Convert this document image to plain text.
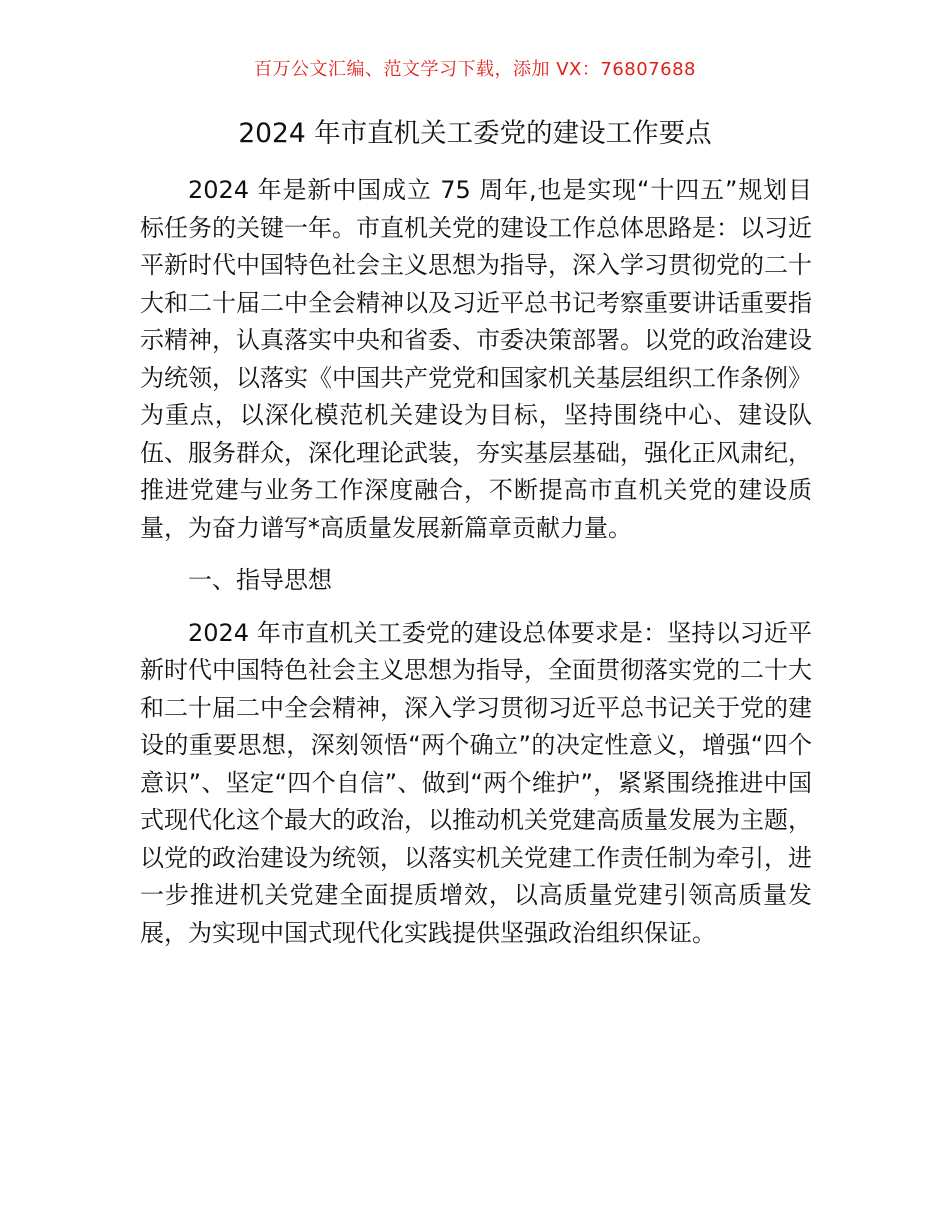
百万公文汇编、范文学习下载，添加 VX：76807688
2024 年市直机关工委党的建设工作要点

2024 年是新中国成立 75 周年,也是实现“十四五”规划目标任务的关键一年。市直机关党的建设工作总体思路是：以习近平新时代中国特色社会主义思想为指导，深入学习贯彻党的二十大和二十届二中全会精神以及习近平总书记考察重要讲话重要指示精神，认真落实中央和省委、市委决策部署。以党的政治建设为统领，以落实《中国共产党党和国家机关基层组织工作条例》为重点，以深化模范机关建设为目标，坚持围绕中心、建设队伍、服务群众，深化理论武装，夯实基层基础，强化正风肃纪，推进党建与业务工作深度融合，不断提高市直机关党的建设质量，为奋力谱写*高质量发展新篇章贡献力量。

一、指导思想

2024 年市直机关工委党的建设总体要求是：坚持以习近平新时代中国特色社会主义思想为指导，全面贯彻落实党的二十大和二十届二中全会精神，深入学习贯彻习近平总书记关于党的建设的重要思想，深刻领悟“两个确立”的决定性意义，增强“四个意识”、坚定“四个自信”、做到“两个维护”，紧紧围绕推进中国式现代化这个最大的政治，以推动机关党建高质量发展为主题，以党的政治建设为统领，以落实机关党建工作责任制为牵引，进一步推进机关党建全面提质增效，以高质量党建引领高质量发展，为实现中国式现代化实践提供坚强政治组织保证。
